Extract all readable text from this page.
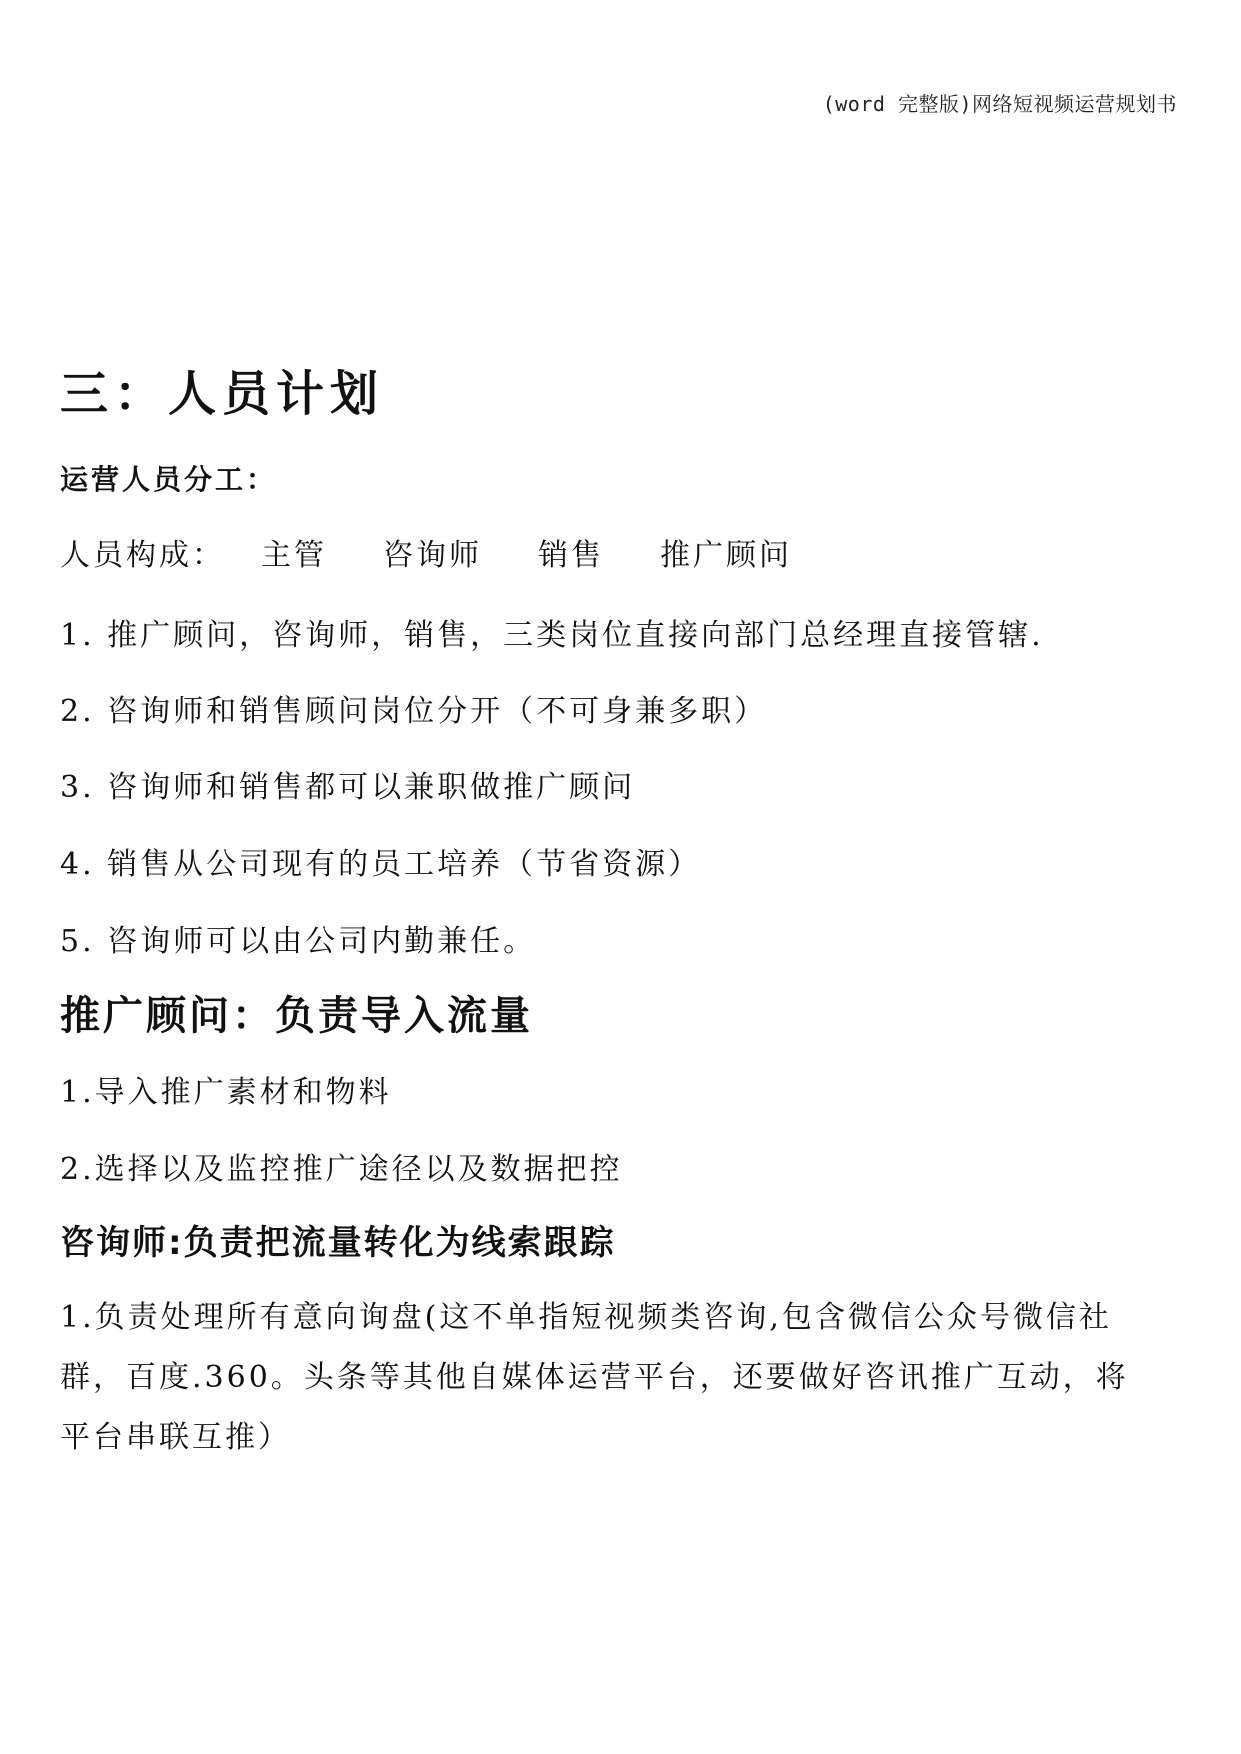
(word 完整版)网络短视频运营规划书
三：人员计划
运营人员分工：
人员构成： 主管 咨询师 销售 推广顾问
1. 推广顾问，咨询师，销售，三类岗位直接向部门总经理直接管辖.
2. 咨询师和销售顾问岗位分开（不可身兼多职）
3. 咨询师和销售都可以兼职做推广顾问
4. 销售从公司现有的员工培养（节省资源）
5. 咨询师可以由公司内勤兼任。
推广顾问：负责导入流量
1.导入推广素材和物料
2.选择以及监控推广途径以及数据把控
咨询师:负责把流量转化为线索跟踪
1.负责处理所有意向询盘(这不单指短视频类咨询,包含微信公众号微信社
群，百度.360。头条等其他自媒体运营平台，还要做好咨讯推广互动，将
平台串联互推）
